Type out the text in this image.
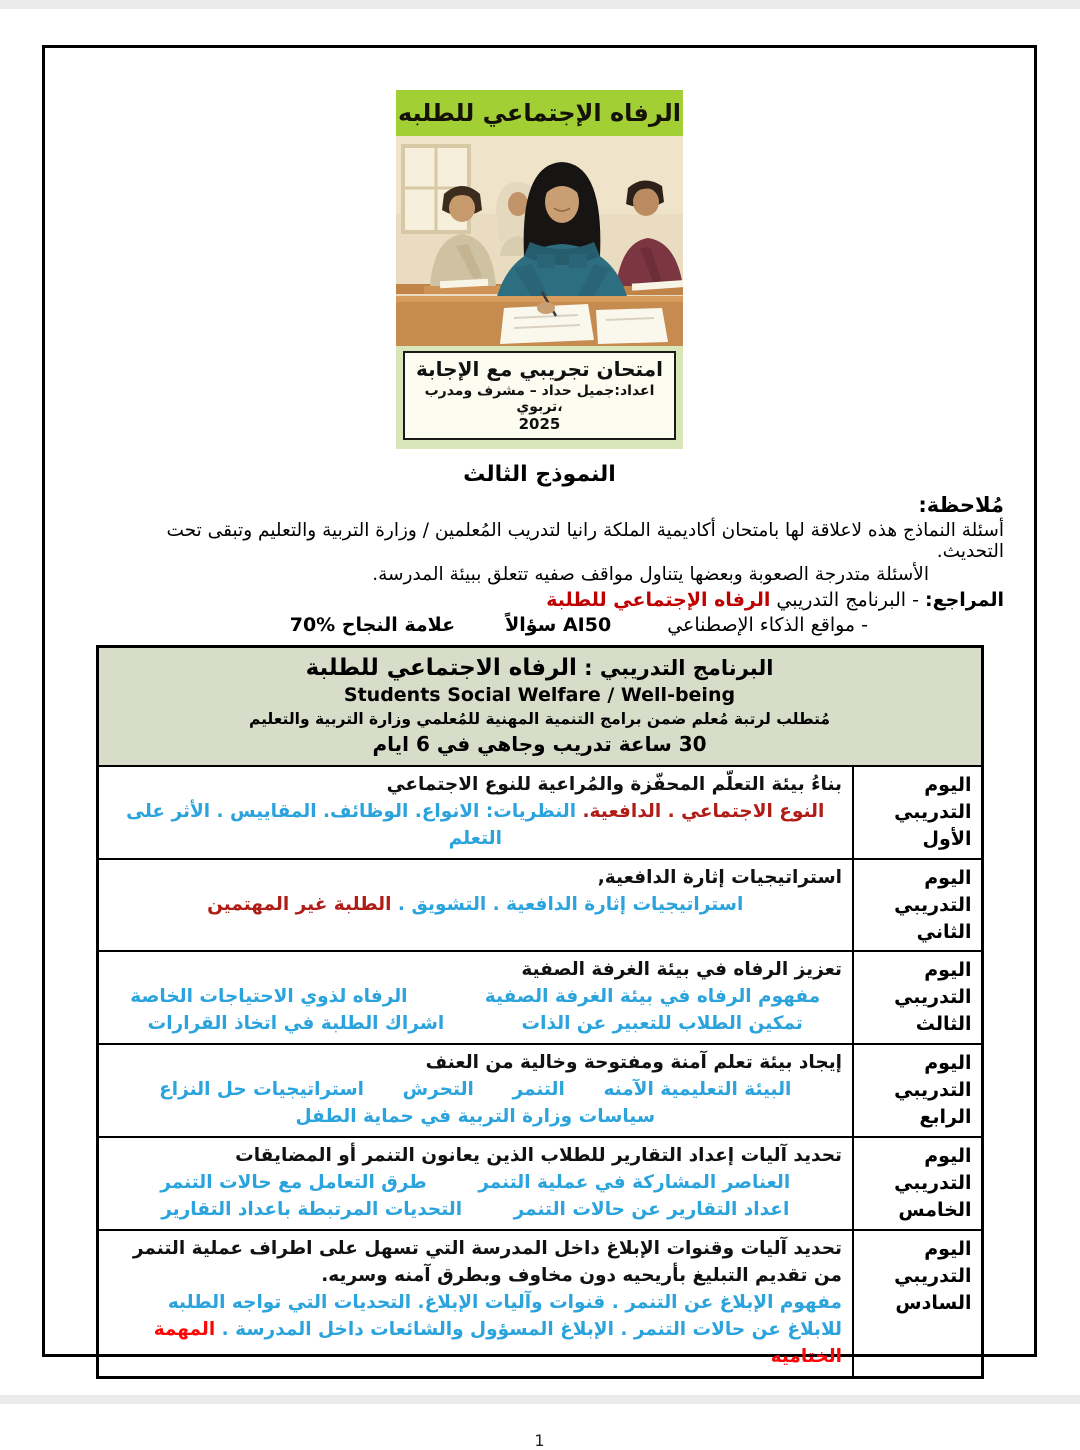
الرفاه الإجتماعي للطلبه
امتحان تجريبي مع الإجابة
اعداد:جميل حداد – مشرف ومدرب تربوي،
2025
النموذج الثالث
مُلاحظة:
أسئلة النماذج هذه لاعلاقة لها بامتحان أكاديمية الملكة رانيا لتدريب المُعلمين / وزارة التربية والتعليم وتبقى تحت التحديث.
الأسئلة متدرجة الصعوبة وبعضها يتناول مواقف صفيه تتعلق ببيئة المدرسة.
المراجع: - البرنامج التدريبي الرفاه الإجتماعي للطلبة
- مواقع الذكاء الإصطناعي AI50 سؤالاًعلامة النجاح %70
البرنامج التدريبي : الرفاه الاجتماعي للطلبة
Students Social Welfare / Well-being
مُتطلب لرتبة مُعلم ضمن برامج التنمية المهنية للمُعلمي وزارة التربية والتعليم
30 ساعة تدريب وجاهي في 6 ايام	

اليوم التدريبي
الأول

بناءُ بيئة التعلّم المحفّزة والمُراعية للنوع الاجتماعي
النوع الاجتماعي . الدافعية. النظريات: الانواع. الوظائف. المقاييس . الأثر على التعلم

اليوم التدريبي
الثاني

استراتيجيات إثارة الدافعية,
استراتيجيات إثارة الدافعية . التشويق . الطلبة غير المهتمين

اليوم التدريبي
الثالث

تعزيز الرفاه في بيئة الغرفة الصفية
مفهوم الرفاه في بيئة الغرفة الصفية            الرفاه لذوي الاحتياجات الخاصة
تمكين الطلاب للتعبير عن الذات            اشراك الطلبة في اتخاذ القرارات

اليوم التدريبي
الرابع

إيجاد بيئة تعلم آمنة ومفتوحة وخالية من العنف
البيئة التعليمية الآمنه      التنمر      التحرش      استراتيجيات حل النزاع
سياسات وزارة التربية في حماية الطفل

اليوم التدريبي
الخامس

تحديد آليات إعداد التقارير للطلاب الذين يعانون التنمر أو المضايقات
العناصر المشاركة في عملية التنمر        طرق التعامل مع حالات التنمر
اعداد التقارير عن حالات التنمر        التحديات المرتبطة باعداد التقارير

اليوم التدريبي
السادس

تحديد آليات وقنوات الإبلاغ داخل المدرسة التي تسهل على اطراف عملية التنمر من تقديم التبليغ بأريحيه دون مخاوف وبطرق آمنه وسريه.
مفهوم الإبلاغ عن التنمر . قنوات وآليات الإبلاغ. التحديات التي تواجه الطلبه للابلاغ عن حالات التنمر . الإبلاغ المسؤول والشائعات داخل المدرسة . المهمة الختاميه
1
